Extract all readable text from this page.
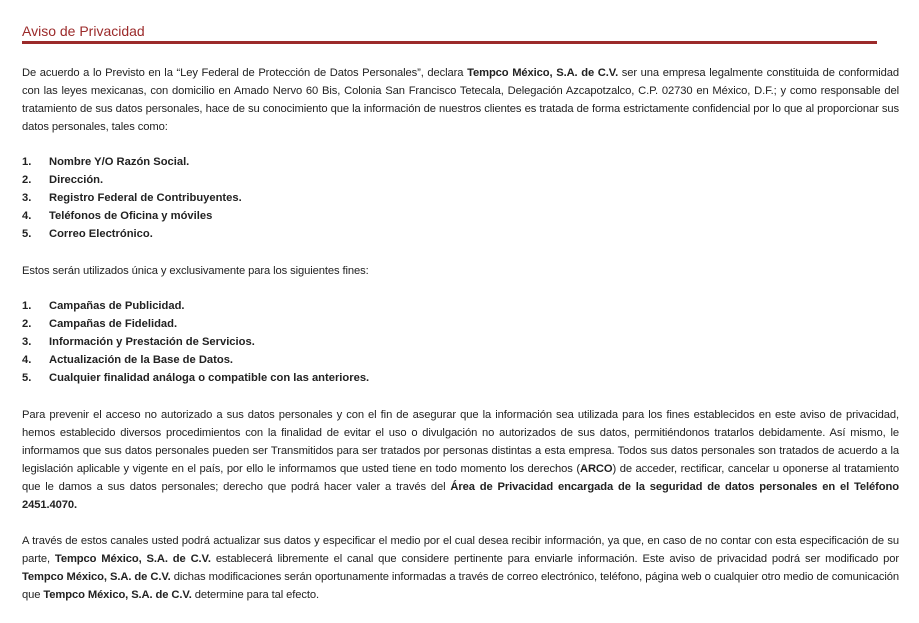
Aviso de Privacidad

De acuerdo a lo Previsto en la “Ley Federal de Protección de Datos Personales”, declara Tempco México, S.A. de C.V. ser una empresa legalmente constituida de conformidad con las leyes mexicanas, con domicilio en Amado Nervo 60 Bis, Colonia San Francisco Tetecala, Delegación Azcapotzalco, C.P. 02730 en México, D.F.; y como responsable del tratamiento de sus datos personales, hace de su conocimiento que la información de nuestros clientes es tratada de forma estrictamente confidencial por lo que al proporcionar sus datos personales, tales como:

1.	Nombre Y/O Razón Social.
2.	Dirección.
3.	Registro Federal de Contribuyentes.
4.	Teléfonos de Oficina y móviles
5.	Correo Electrónico.

Estos serán utilizados única y exclusivamente para los siguientes fines:

1.	Campañas de Publicidad.
2.	Campañas de Fidelidad.
3.	Información y Prestación de Servicios.
4.	Actualización de la Base de Datos.
5.	Cualquier finalidad análoga o compatible con las anteriores.

Para prevenir el acceso no autorizado a sus datos personales y con el fin de asegurar que la información sea utilizada para los fines establecidos en este aviso de privacidad, hemos establecido diversos procedimientos con la finalidad de evitar el uso o divulgación no autorizados de sus datos, permitiéndonos tratarlos debidamente. Así mismo, le informamos que sus datos personales pueden ser Transmitidos para ser tratados por personas distintas a esta empresa. Todos sus datos personales son tratados de acuerdo a la legislación aplicable y vigente en el país, por ello le informamos que usted tiene en todo momento los derechos (ARCO) de acceder, rectificar, cancelar u oponerse al tratamiento que le damos a sus datos personales; derecho que podrá hacer valer a través del Área de Privacidad encargada de la seguridad de datos personales en el Teléfono 2451.4070.

A través de estos canales usted podrá actualizar sus datos y especificar el medio por el cual desea recibir información, ya que, en caso de no contar con esta especificación de su parte, Tempco México, S.A. de C.V. establecerá libremente el canal que considere pertinente para enviarle información. Este aviso de privacidad podrá ser modificado por Tempco México, S.A. de C.V. dichas modificaciones serán oportunamente informadas a través de correo electrónico, teléfono, página web o cualquier otro medio de comunicación que Tempco México, S.A. de C.V. determine para tal efecto.
